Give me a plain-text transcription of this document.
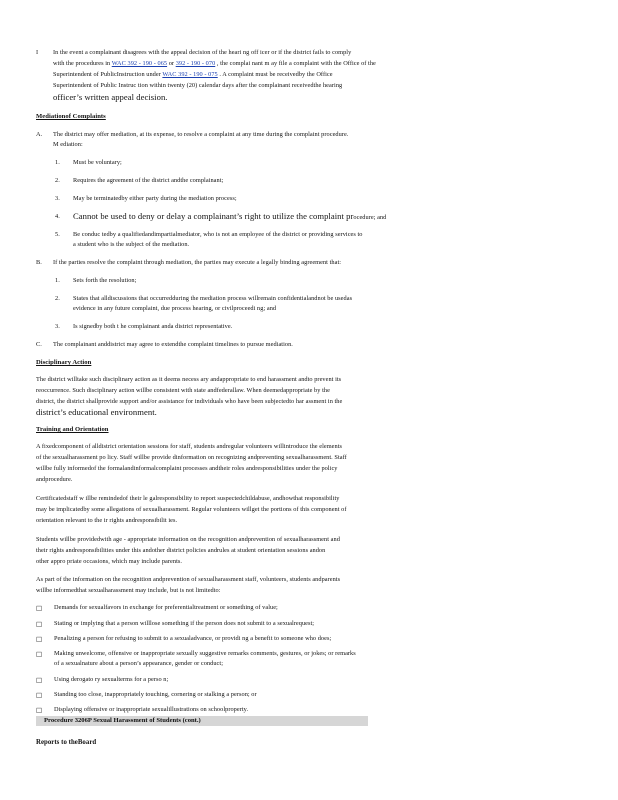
I In the event a complainant disagrees with the appeal decision of the heari ng off icer or if the district fails to comply
with the procedures in WAC 392 - 190 - 065 or 392 - 190 - 070 , the complai nant m ay file a complaint with the Office of the
Superintendent of PublicInstruction under WAC 392 - 190 - 075 . A complaint must be receivedby the Office
Superintendent of Public Instruc tion within twenty (20) calendar days after the complainant receivedthe hearing
officer’s written appeal decision.
Mediationof Complaints
A. The district may offer mediation, at its expense, to resolve a complaint at any time during the complaint procedure.
M ediation:
1. Must be voluntary;
2. Requires the agreement of the district andthe complainant;
3. May be terminatedby either party during the mediation process;
4. Cannot be used to deny or delay a complainant’s right to utilize the complaint procedure; and
5. Be conduc tedby a qualifiedandimpartialmediator, who is not an employee of the district or providing services to
a student who is the subject of the mediation.
B. If the parties resolve the complaint through mediation, the parties may execute a legally binding agreement that:
1. Sets forth the resolution;
2. States that alldiscussions that occurredduring the mediation process willremain confidentialandnot be usedas
evidence in any future complaint, due process hearing, or civilproceedi ng; and
3. Is signedby both t he complainant anda district representative.
C. The complainant anddistrict may agree to extendthe complaint timelines to pursue mediation.
Disciplinary Action
The district willtake such disciplinary action as it deems necess ary andappropriate to end harassment andto prevent its
reoccurrence. Such disciplinary action willbe consistent with state andfederallaw. When deemedappropriate by the
district, the district shallprovide support and/or assistance for individuals who have been subjectedto har assment in the
district’s educational environment.
Training and Orientation
A fixedcomponent of alldistrict orientation sessions for staff, students andregular volunteers willintroduce the elements
of the sexualharassment po licy. Staff willbe provide dinformation on recognizing andpreventing sexualharassment. Staff
willbe fully informedof the formalandinformalcomplaint processes andtheir roles andresponsibilities under the policy
andprocedure.
Certificatedstaff w illbe remindedof their le galresponsibility to report suspectedchildabuse, andhowthat responsibility
may be implicatedby some allegations of sexualharassment. Regular volunteers willget the portions of this component of
orientation relevant to the ir rights andresponsibilit ies.
Students willbe providedwith age - appropriate information on the recognition andprevention of sexualharassment and
their rights andresponsibilities under this andother district policies andrules at student orientation sessions andon
other appro priate occasions, which may include parents.
As part of the information on the recognition andprevention of sexualharassment staff, volunteers, students andparents
willbe informedthat sexualharassment may include, but is not limitedto:
□ Demands for sexualfavors in exchange for preferentialtreatment or something of value;
□ Stating or implying that a person willlose something if the person does not submit to a sexualrequest;
□ Penalizing a person for refusing to submit to a sexualadvance, or providi ng a benefit to someone who does;
□ Making unwelcome, offensive or inappropriate sexually suggestive remarks comments, gestures, or jokes; or remarks
of a sexualnature about a person’s appearance, gender or conduct;
□ Using derogato ry sexualterms for a perso n;
□ Standing too close, inappropriately touching, cornering or stalking a person; or
□ Displaying offensive or inappropriate sexualillustrations on schoolproperty.
Procedure 3206P Sexual Harassment of Students (cont.)
Reports to theBoard
